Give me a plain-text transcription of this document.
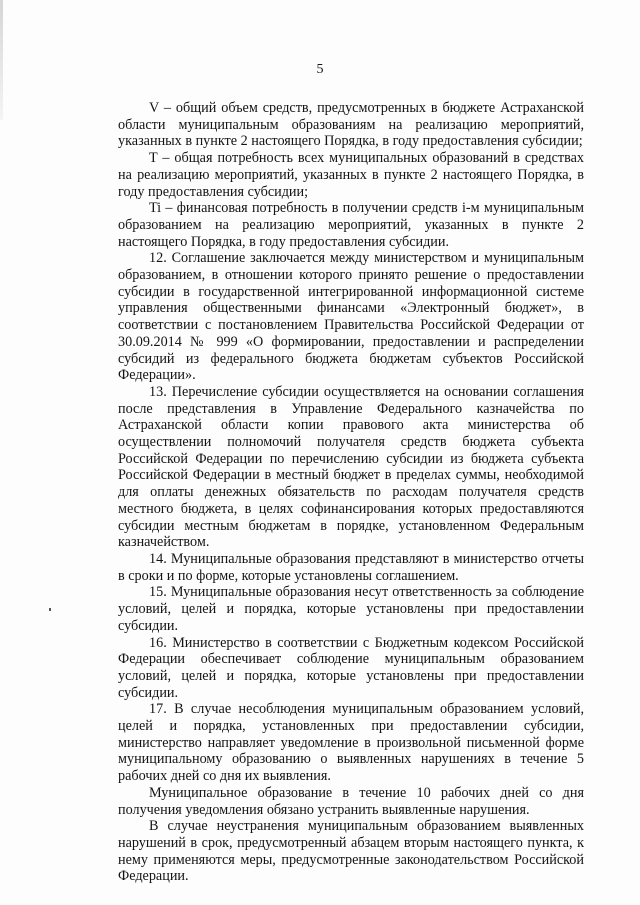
5

V – общий объем средств, предусмотренных в бюджете Астраханской области муниципальным образованиям на реализацию мероприятий, указанных в пункте 2 настоящего Порядка, в году предоставления субсидии;

T – общая потребность всех муниципальных образований в средствах на реализацию мероприятий, указанных в пункте 2 настоящего Порядка, в году предоставления субсидии;

Ti – финансовая потребность в получении средств i-м муниципальным образованием на реализацию мероприятий, указанных в пункте 2 настоящего Порядка, в году предоставления субсидии.

12. Соглашение заключается между министерством и муниципальным образованием, в отношении которого принято решение о предоставлении субсидии в государственной интегрированной информационной системе управления общественными финансами «Электронный бюджет», в соответствии с постановлением Правительства Российской Федерации от 30.09.2014 № 999 «О формировании, предоставлении и распределении субсидий из федерального бюджета бюджетам субъектов Российской Федерации».

13. Перечисление субсидии осуществляется на основании соглашения после представления в Управление Федерального казначейства по Астраханской области копии правового акта министерства об осуществлении полномочий получателя средств бюджета субъекта Российской Федерации по перечислению субсидии из бюджета субъекта Российской Федерации в местный бюджет в пределах суммы, необходимой для оплаты денежных обязательств по расходам получателя средств местного бюджета, в целях софинансирования которых предоставляются субсидии местным бюджетам в порядке, установленном Федеральным казначейством.

14. Муниципальные образования представляют в министерство отчеты в сроки и по форме, которые установлены соглашением.

15. Муниципальные образования несут ответственность за соблюдение условий, целей и порядка, которые установлены при предоставлении субсидии.

16. Министерство в соответствии с Бюджетным кодексом Российской Федерации обеспечивает соблюдение муниципальным образованием условий, целей и порядка, которые установлены при предоставлении субсидии.

17. В случае несоблюдения муниципальным образованием условий, целей и порядка, установленных при предоставлении субсидии, министерство направляет уведомление в произвольной письменной форме муниципальному образованию о выявленных нарушениях в течение 5 рабочих дней со дня их выявления.

Муниципальное образование в течение 10 рабочих дней со дня получения уведомления обязано устранить выявленные нарушения.

В случае неустранения муниципальным образованием выявленных нарушений в срок, предусмотренный абзацем вторым настоящего пункта, к нему применяются меры, предусмотренные законодательством Российской Федерации.
